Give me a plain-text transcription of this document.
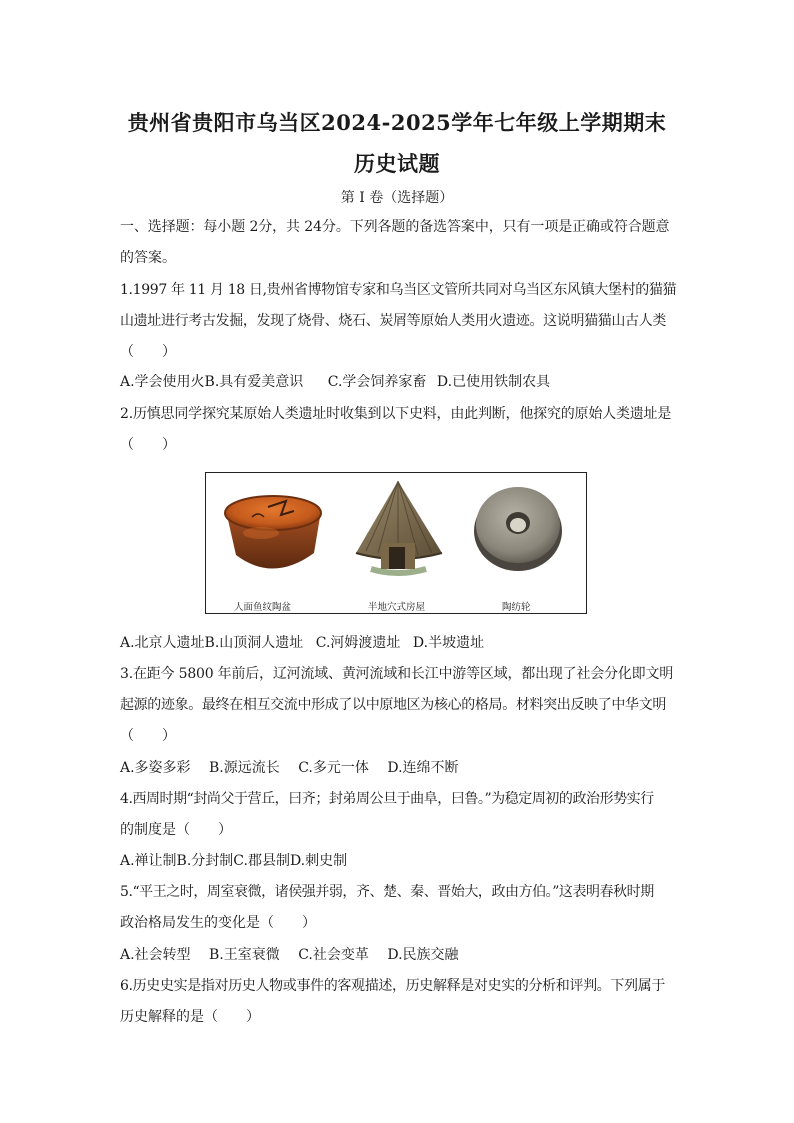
贵州省贵阳市乌当区2024-2025学年七年级上学期期末
历史试题
第 I 卷（选择题）
一、选择题：每小题 2分，共 24分。下列各题的备选答案中，只有一项是正确或符合题意
的答案。
1.1997 年 11 月 18 日,贵州省博物馆专家和乌当区文管所共同对乌当区东风镇大堡村的猫猫
山遗址进行考古发掘，发现了烧骨、烧石、炭屑等原始人类用火遗迹。这说明猫猫山古人类
（　　）
A.学会使用火B.具有爱美意识 C.学会饲养家畜 D.已使用铁制农具
2.历慎思同学探究某原始人类遗址时收集到以下史料，由此判断，他探究的原始人类遗址是
（　　）
人面鱼纹陶盆	半地穴式房屋	陶纺轮
A.北京人遗址B.山顶洞人遗址 C.河姆渡遗址 D.半坡遗址
3.在距今 5800 年前后，辽河流域、黄河流域和长江中游等区域，都出现了社会分化即文明
起源的迹象。最终在相互交流中形成了以中原地区为核心的格局。材料突出反映了中华文明
（　　）
A.多姿多彩 B.源远流长 C.多元一体 D.连绵不断
4.西周时期“封尚父于营丘，曰齐；封弟周公旦于曲阜，曰鲁。”为稳定周初的政治形势实行
的制度是（　　）
A.禅让制B.分封制C.郡县制D.刺史制
5.“平王之时，周室衰微，诸侯强并弱，齐、楚、秦、晋始大，政由方伯。”这表明春秋时期
政治格局发生的变化是（　　）
A.社会转型 B.王室衰微 C.社会变革 D.民族交融
6.历史史实是指对历史人物或事件的客观描述，历史解释是对史实的分析和评判。下列属于
历史解释的是（　　）
